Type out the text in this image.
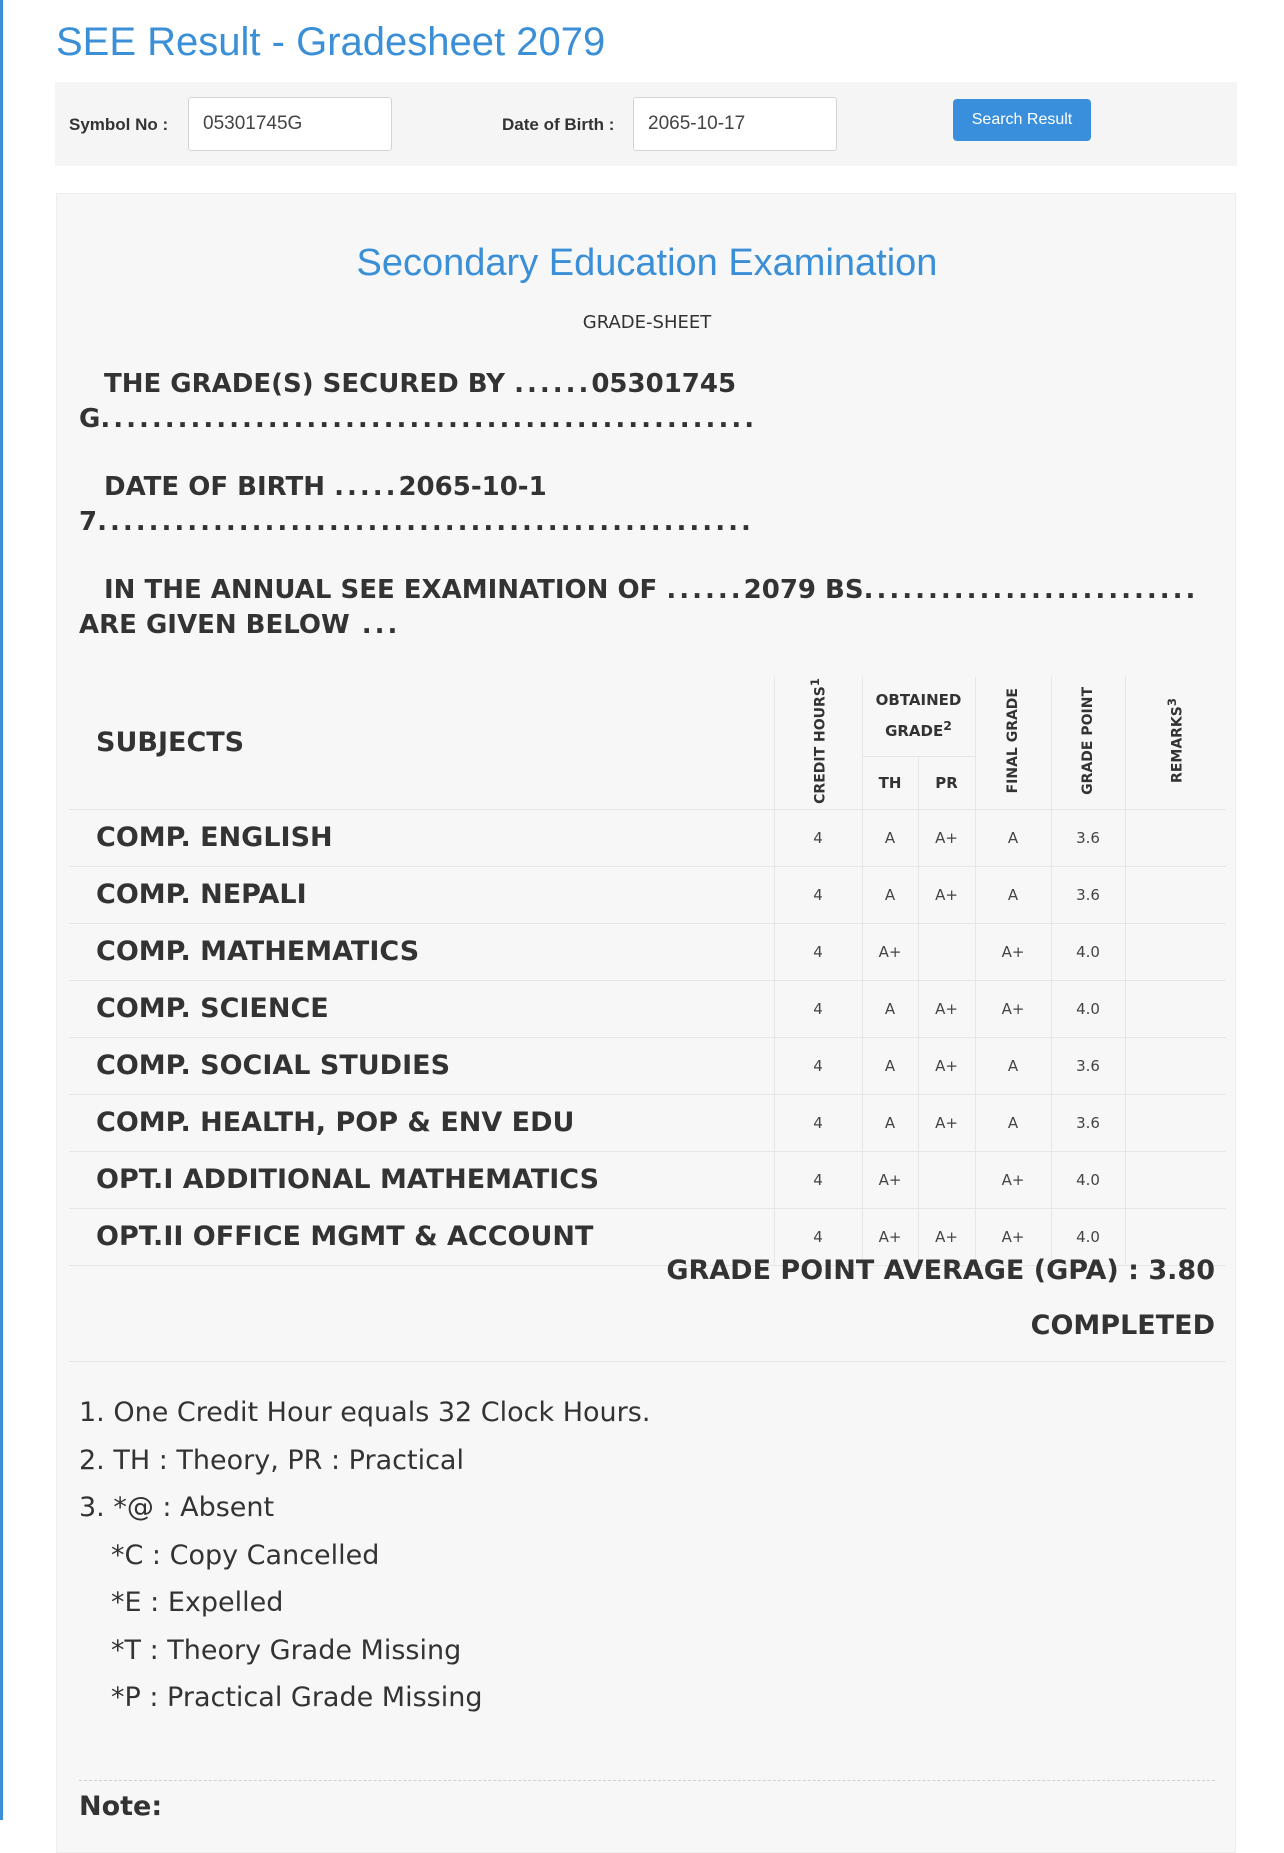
SEE Result - Gradesheet 2079
Symbol No :
05301745G	Date of Birth :
2065-10-17	Search Result
Secondary Education Examination
GRADE-SHEET
THE GRADE(S) SECURED BY ......05301745G...................................................
DATE OF BIRTH .....2065-10-17...................................................
IN THE ANNUAL SEE EXAMINATION OF ......2079 BS..........................ARE GIVEN BELOW ...
SUBJECTS	CREDIT HOURS$^1$	OBTAINED GRADE$^2$		FINAL GRADE	GRADE POINT	REMARKS$^3$
		TH	PR			
COMP. ENGLISH	4	A	A+	A	3.6	
COMP. NEPALI	4	A	A+	A	3.6	
COMP. MATHEMATICS	4	A+		A+	4.0	
COMP. SCIENCE	4	A	A+	A+	4.0	
COMP. SOCIAL STUDIES	4	A	A+	A	3.6	
COMP. HEALTH, POP & ENV EDU	4	A	A+	A	3.6	
OPT.I ADDITIONAL MATHEMATICS	4	A+		A+	4.0	
OPT.II OFFICE MGMT & ACCOUNT	4	A+	A+	A+	4.0	
GRADE POINT AVERAGE (GPA) : 3.80
COMPLETED
1. One Credit Hour equals 32 Clock Hours.
2. TH : Theory, PR : Practical
3. *@ : Absent
*C : Copy Cancelled
*E : Expelled
*T : Theory Grade Missing
*P : Practical Grade Missing
Note:
